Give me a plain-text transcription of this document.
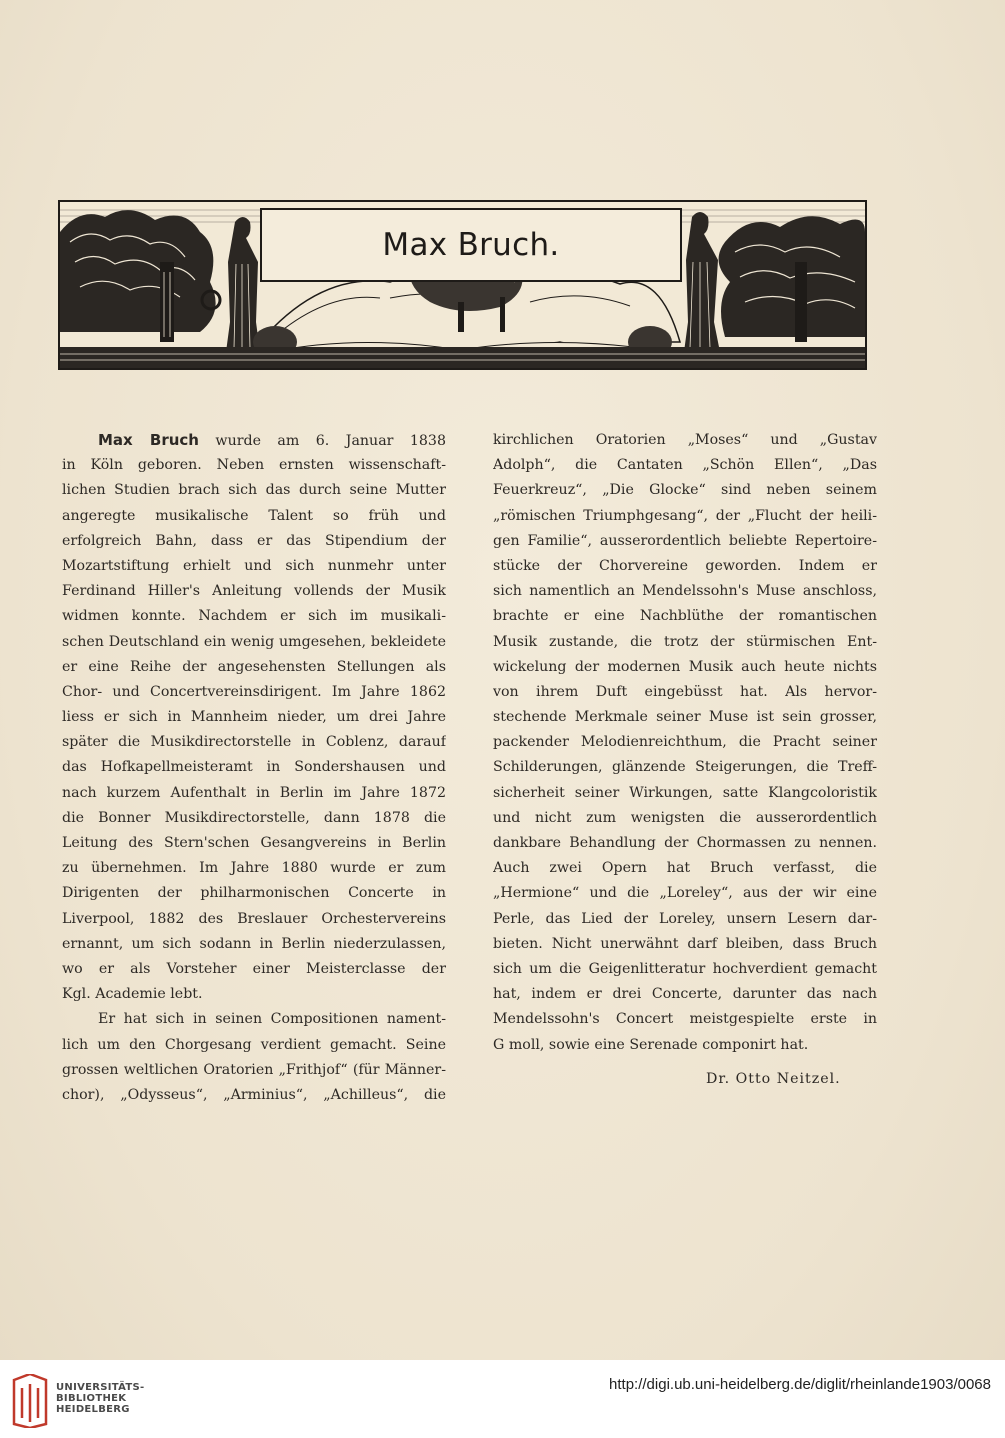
Max Bruch.
Max Bruch wurde am 6. Januar 1838
in Köln geboren. Neben ernsten wissenschaft-
lichen Studien brach sich das durch seine Mutter
angeregte musikalische Talent so früh und
erfolgreich Bahn, dass er das Stipendium der
Mozartstiftung erhielt und sich nunmehr unter
Ferdinand Hiller's Anleitung vollends der Musik
widmen konnte. Nachdem er sich im musikali-
schen Deutschland ein wenig umgesehen, bekleidete
er eine Reihe der angesehensten Stellungen als
Chor- und Concertvereinsdirigent. Im Jahre 1862
liess er sich in Mannheim nieder, um drei Jahre
später die Musikdirectorstelle in Coblenz, darauf
das Hofkapellmeisteramt in Sondershausen und
nach kurzem Aufenthalt in Berlin im Jahre 1872
die Bonner Musikdirectorstelle, dann 1878 die
Leitung des Stern'schen Gesangvereins in Berlin
zu übernehmen. Im Jahre 1880 wurde er zum
Dirigenten der philharmonischen Concerte in
Liverpool, 1882 des Breslauer Orchestervereins
ernannt, um sich sodann in Berlin niederzulassen,
wo er als Vorsteher einer Meisterclasse der
Kgl. Academie lebt.
Er hat sich in seinen Compositionen nament-
lich um den Chorgesang verdient gemacht. Seine
grossen weltlichen Oratorien „Frithjof“ (für Männer-
chor), „Odysseus“, „Arminius“, „Achilleus“, die
kirchlichen Oratorien „Moses“ und „Gustav
Adolph“, die Cantaten „Schön Ellen“, „Das
Feuerkreuz“, „Die Glocke“ sind neben seinem
„römischen Triumphgesang“, der „Flucht der heili-
gen Familie“, ausserordentlich beliebte Repertoire-
stücke der Chorvereine geworden. Indem er
sich namentlich an Mendelssohn's Muse anschloss,
brachte er eine Nachblüthe der romantischen
Musik zustande, die trotz der stürmischen Ent-
wickelung der modernen Musik auch heute nichts
von ihrem Duft eingebüsst hat. Als hervor-
stechende Merkmale seiner Muse ist sein grosser,
packender Melodienreichthum, die Pracht seiner
Schilderungen, glänzende Steigerungen, die Treff-
sicherheit seiner Wirkungen, satte Klangcoloristik
und nicht zum wenigsten die ausserordentlich
dankbare Behandlung der Chormassen zu nennen.
Auch zwei Opern hat Bruch verfasst, die
„Hermione“ und die „Loreley“, aus der wir eine
Perle, das Lied der Loreley, unsern Lesern dar-
bieten. Nicht unerwähnt darf bleiben, dass Bruch
sich um die Geigenlitteratur hochverdient gemacht
hat, indem er drei Concerte, darunter das nach
Mendelssohn's Concert meistgespielte erste in
G moll, sowie eine Serenade componirt hat.
Dr. Otto Neitzel.
UNIVERSITÄTS-
BIBLIOTHEK
HEIDELBERG
http://digi.ub.uni-heidelberg.de/diglit/rheinlande1903/0068
